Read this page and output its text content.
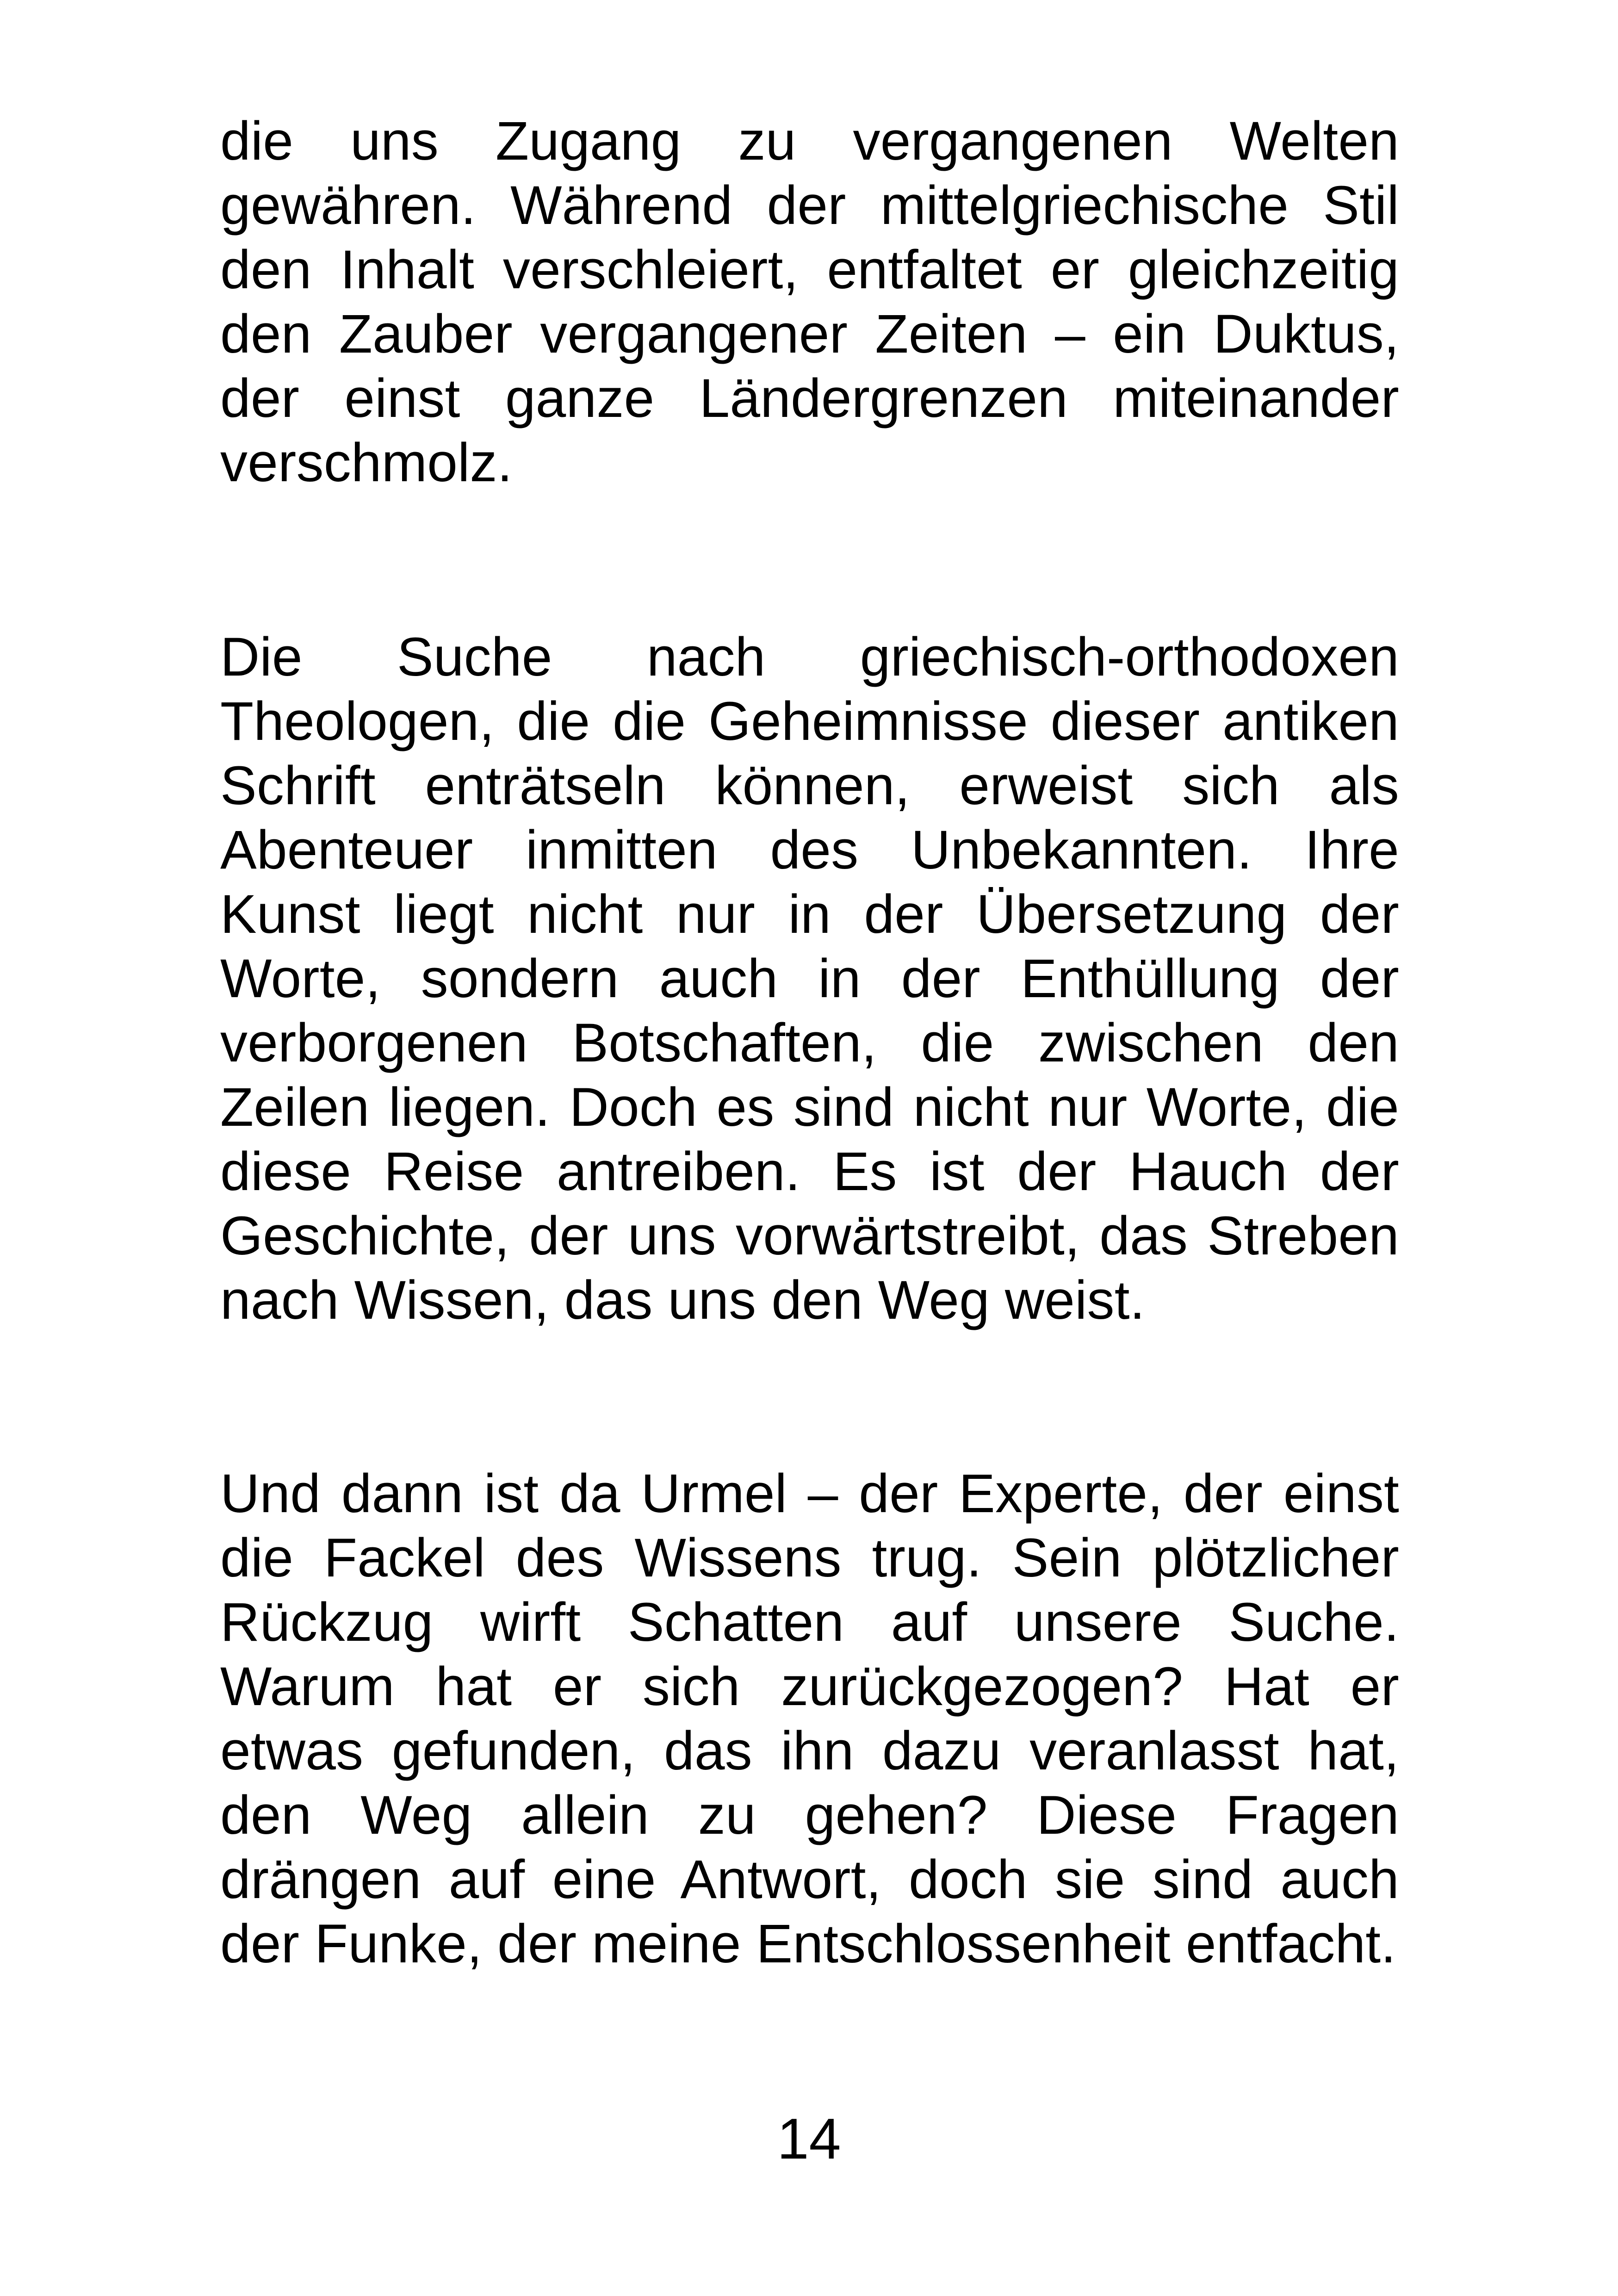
die uns Zugang zu vergangenen Welten gewähren. Während der mittelgriechische Stil den Inhalt verschleiert, entfaltet er gleichzeitig den Zauber vergangener Zeiten – ein Duktus, der einst ganze Ländergrenzen miteinander verschmolz.

Die Suche nach griechisch-orthodoxen Theologen, die die Geheimnisse dieser antiken Schrift enträtseln können, erweist sich als Abenteuer inmitten des Unbekannten. Ihre Kunst liegt nicht nur in der Übersetzung der Worte, sondern auch in der Enthüllung der verborgenen Botschaften, die zwischen den Zeilen liegen. Doch es sind nicht nur Worte, die diese Reise antreiben. Es ist der Hauch der Geschichte, der uns vorwärtstreibt, das Streben nach Wissen, das uns den Weg weist.

Und dann ist da Urmel – der Experte, der einst die Fackel des Wissens trug. Sein plötzlicher Rückzug wirft Schatten auf unsere Suche. Warum hat er sich zurückgezogen? Hat er etwas gefunden, das ihn dazu veranlasst hat, den Weg allein zu gehen? Diese Fragen drängen auf eine Antwort, doch sie sind auch der Funke, der meine Entschlossenheit entfacht.

14
